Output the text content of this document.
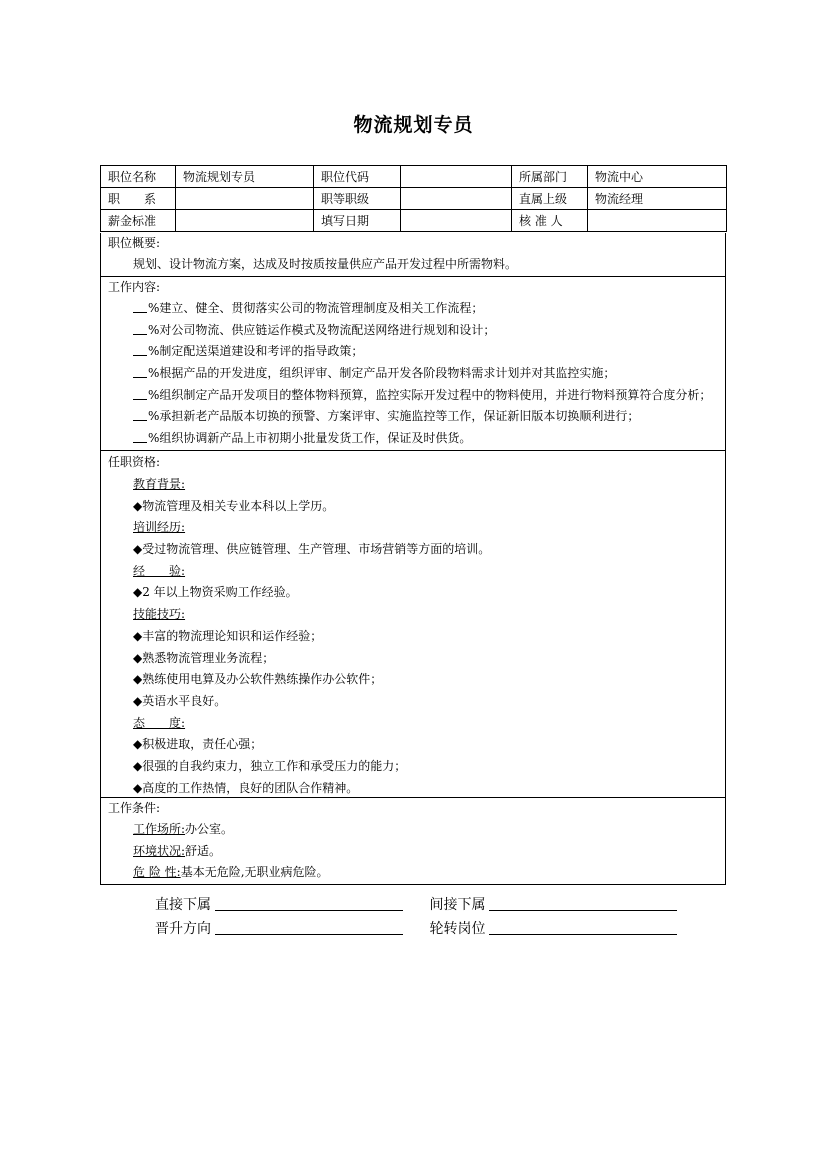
物流规划专员
职位名称	物流规划专员	职位代码		所属部门	物流中心
职　　系		职等职级		直属上级	物流经理
薪金标准		填写日期		核 准 人	
职位概要:
规划、设计物流方案，达成及时按质按量供应产品开发过程中所需物料。
工作内容:
%建立、健全、贯彻落实公司的物流管理制度及相关工作流程；
%对公司物流、供应链运作模式及物流配送网络进行规划和设计；
%制定配送渠道建设和考评的指导政策；
%根据产品的开发进度，组织评审、制定产品开发各阶段物料需求计划并对其监控实施；
%组织制定产品开发项目的整体物料预算，监控实际开发过程中的物料使用，并进行物料预算符合度分析；
%承担新老产品版本切换的预警、方案评审、实施监控等工作，保证新旧版本切换顺利进行；
%组织协调新产品上市初期小批量发货工作，保证及时供货。
任职资格:
教育背景:
◆物流管理及相关专业本科以上学历。
培训经历:
◆受过物流管理、供应链管理、生产管理、市场营销等方面的培训。
经　　验:
◆2 年以上物资采购工作经验。
技能技巧:
◆丰富的物流理论知识和运作经验；
◆熟悉物流管理业务流程；
◆熟练使用电算及办公软件熟练操作办公软件；
◆英语水平良好。
态　　度:
◆积极进取，责任心强；
◆很强的自我约束力，独立工作和承受压力的能力；
◆高度的工作热情，良好的团队合作精神。
工作条件:
工作场所:办公室。
环境状况:舒适。
危 险 性:基本无危险,无职业病危险。
直接下属	间接下属
晋升方向	轮转岗位
